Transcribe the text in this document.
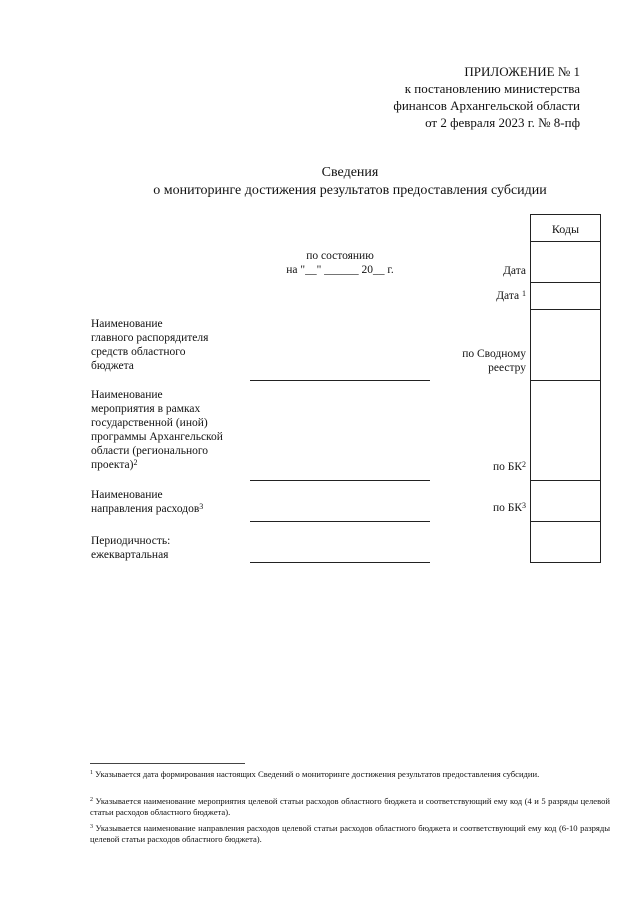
ПРИЛОЖЕНИЕ № 1
к постановлению министерства
финансов Архангельской области
от 2 февраля 2023 г. № 8-пф
Сведения
о мониторинге достижения результатов предоставления субсидии
Коды
по состоянию
на "__" ______ 20__ г.	Дата
Дата $^1$
по Сводному
реестру
по $БК^2$
по $БК^3$
Наименование
главного распорядителя
средств областного
бюджета
Наименование
мероприятия в рамках
государственной (иной)
программы Архангельской
области (регионального
проекта)$^2$
Наименование
направления расходов$^3$
Периодичность:
ежеквартальная
$^1$ Указывается дата формирования настоящих Сведений о мониторинге достижения результатов предоставления субсидии.
$^2$ Указывается наименование мероприятия целевой статьи расходов областного бюджета и соответствующий ему код (4 и 5 разряды целевой статьи расходов областного бюджета).
$^3$ Указывается наименование направления расходов целевой статьи расходов областного бюджета и соответствующий ему код (6-10 разряды целевой статьи расходов областного бюджета).
